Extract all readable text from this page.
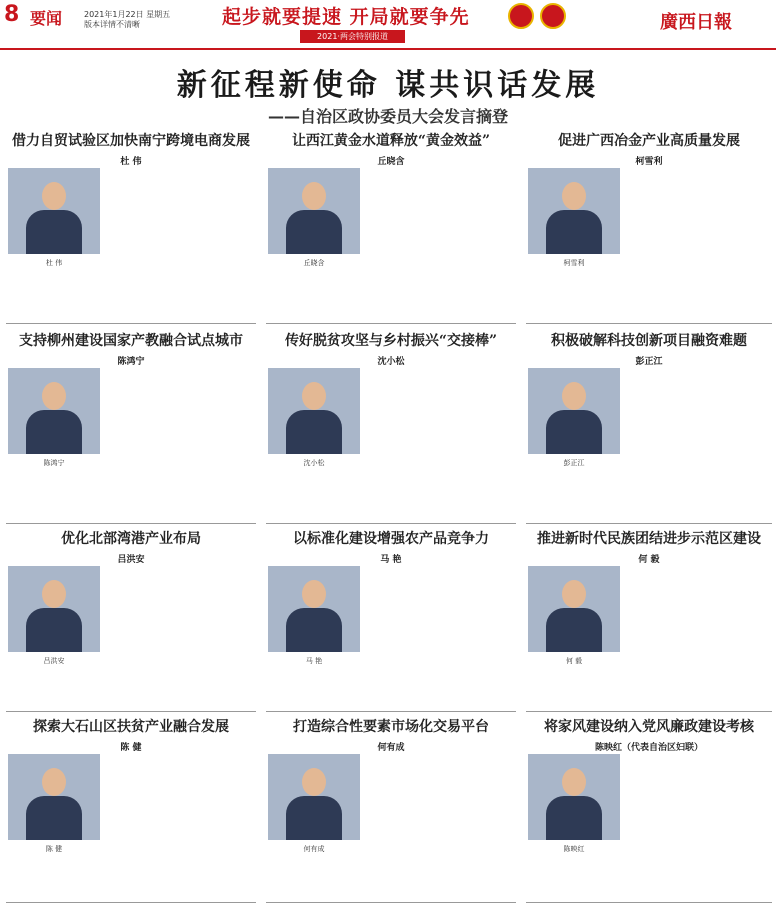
8 要闻	2021年1月22日 星期五
版本详情不清晰	起步就要提速 开局就要争先
2021·两会特别报道
廣西日報
新征程新使命 谋共识话发展
——自治区政协委员大会发言摘登
借力自贸试验区加快南宁跨境电商发展
杜 伟
杜 伟
让西江黄金水道释放“黄金效益”
丘晓含
丘晓含
促进广西冶金产业高质量发展
柯雪利
柯雪利
支持柳州建设国家产教融合试点城市
陈鸿宁
陈鸿宁
传好脱贫攻坚与乡村振兴“交接棒”
沈小松
沈小松
积极破解科技创新项目融资难题
彭正江
彭正江
优化北部湾港产业布局
吕洪安
吕洪安
以标准化建设增强农产品竞争力
马 艳
马 艳
推进新时代民族团结进步示范区建设
何 毅
何 毅
探索大石山区扶贫产业融合发展
陈 健
陈 健
打造综合性要素市场化交易平台
何有成
何有成
将家风建设纳入党风廉政建设考核
陈映红（代表自治区妇联）
陈映红
